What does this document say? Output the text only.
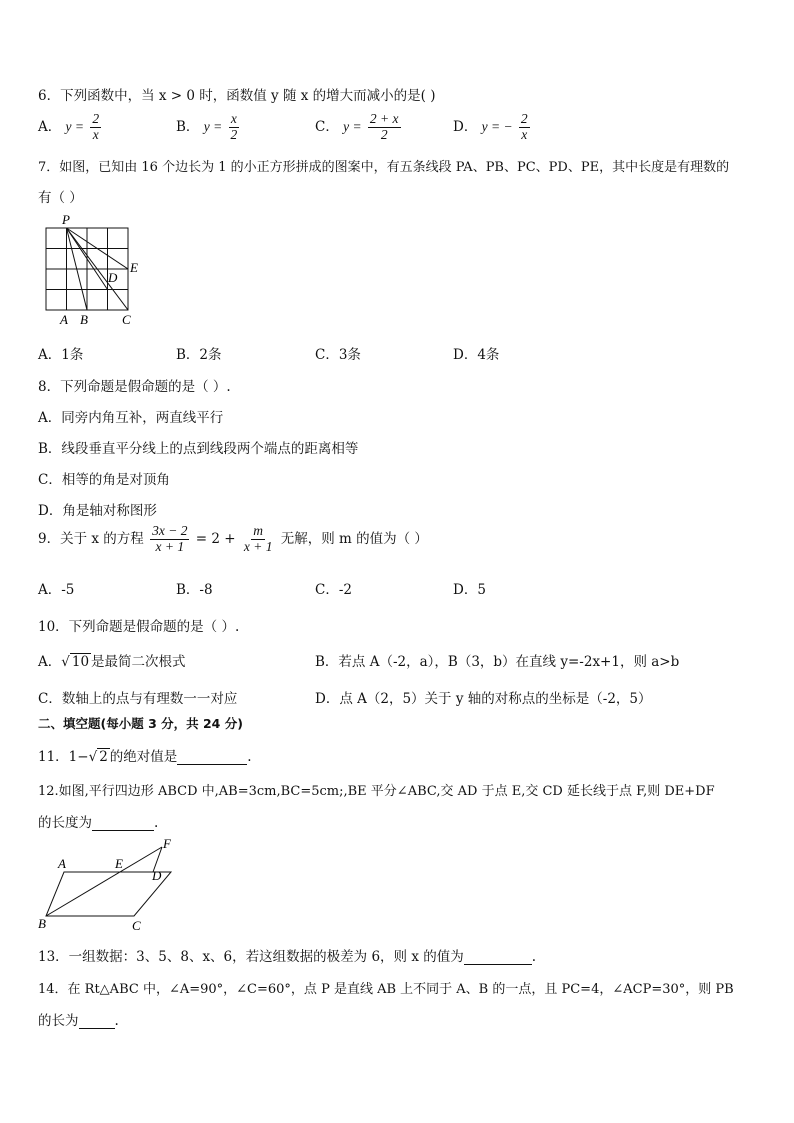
6．下列函数中，当 x > 0 时，函数值 y 随 x 的增大而减小的是( )
A． $y = \frac{2}{x}$	B． $y = \frac{x}{2}$	C． $y = \frac{2 + x}{2}$	D． y = − $\frac{2}{x}$
7．如图，已知由 16 个边长为 1 的小正方形拼成的图案中，有五条线段 PA、PB、PC、PD、PE，其中长度是有理数的
有（ ）
P
A B	C
D
E
A．1条	B．2条	C．3条	D．4条
8．下列命题是假命题的是（ ）.
A．同旁内角互补，两直线平行
B．线段垂直平分线上的点到线段两个端点的距离相等
C．相等的角是对顶角
D．角是轴对称图形
9．关于 x 的方程 $\frac{3x - 2}{x + 1} = 2 + \frac{m}{x + 1}$ 无解，则 m 的值为（ ）
A．-5	B．-8	C．-2	D．5
10．下列命题是假命题的是（ ）.
A．√ 10 是最简二次根式	B．若点 A（-2，a），B（3，b）在直线 y=-2x+1，则 a>b
C．数轴上的点与有理数一一对应	D．点 A（2，5）关于 y 轴的对称点的坐标是（-2，5）
二、填空题(每小题 3 分，共 24 分)
11．1−√ 2 的绝对值是	.
12.如图,平行四边形 ABCD 中,AB=3cm,BC=5cm;,BE 平分∠ABC,交 AD 于点 E,交 CD 延长线于点 F,则 DE+DF
的长度为	.
A	E
F
D
B	C
13．一组数据：3、5、8、x、6，若这组数据的极差为 6，则 x 的值为	.
14．在 Rt△ABC 中，∠A=90°，∠C=60°，点 P 是直线 AB 上不同于 A、B 的一点，且 PC=4，∠ACP=30°，则 PB
的长为	.
